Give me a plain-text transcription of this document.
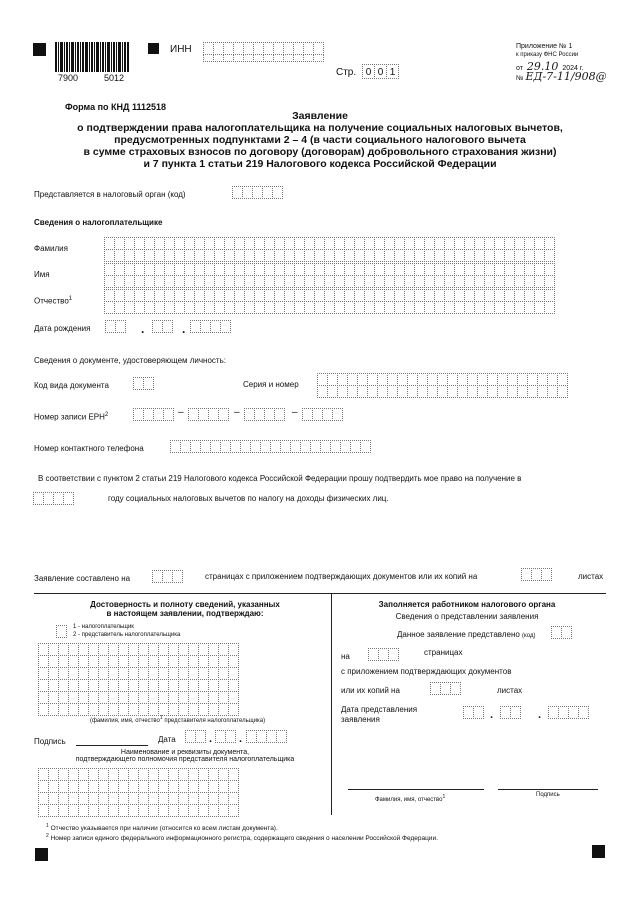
7900	5012
ИНН
Стр. 0 0 1
Приложение № 1
к приказу ФНС России
от 29.10 2024 г.
№ ЕД-7-11/908@
Форма по КНД 1112518
Заявление
о подтверждении права налогоплательщика на получение социальных налоговых вычетов,
предусмотренных подпунктами 2 – 4 (в части социального налогового вычета
в сумме страховых взносов по договору (договорам) добровольного страхования жизни)
и 7 пункта 1 статьи 219 Налогового кодекса Российской Федерации
Представляется в налоговый орган (код)
Сведения о налогоплательщике
Фамилия
Имя
Отчество$^1$
Дата рождения	.	.
Сведения о документе, удостоверяющем личность:
Код вида документа	Серия и номер
Номер записи ЕРН$^2$	–	–	–
Номер контактного телефона
В соответствии с пунктом 2 статьи 219 Налогового кодекса Российской Федерации прошу подтвердить мое право на получение в
году социальных налоговых вычетов по налогу на доходы физических лиц.
Заявление составлено на	страницах с приложением подтверждающих документов или их копий на	листах
Достоверность и полноту сведений, указанных
в настоящем заявлении, подтверждаю:
1 - налогоплательщик
2 - представитель налогоплательщика
(фамилия, имя, отчество$^1$ представителя налогоплательщика)
Подпись	Дата	. .
Наименование и реквизиты документа,
подтверждающего полномочия представителя налогоплательщика
Заполняется работником налогового органа
Сведения о представлении заявления
Данное заявление представлено (код)
на	страницах
с приложением подтверждающих документов
или их копий на	листах
Дата представления
заявления	.	.
Фамилия, имя, отчество$^1$	Подпись
$^1$ Отчество указывается при наличии (относится ко всем листам документа).
$^2$ Номер записи единого федерального информационного регистра, содержащего сведения о населении Российской Федерации.
